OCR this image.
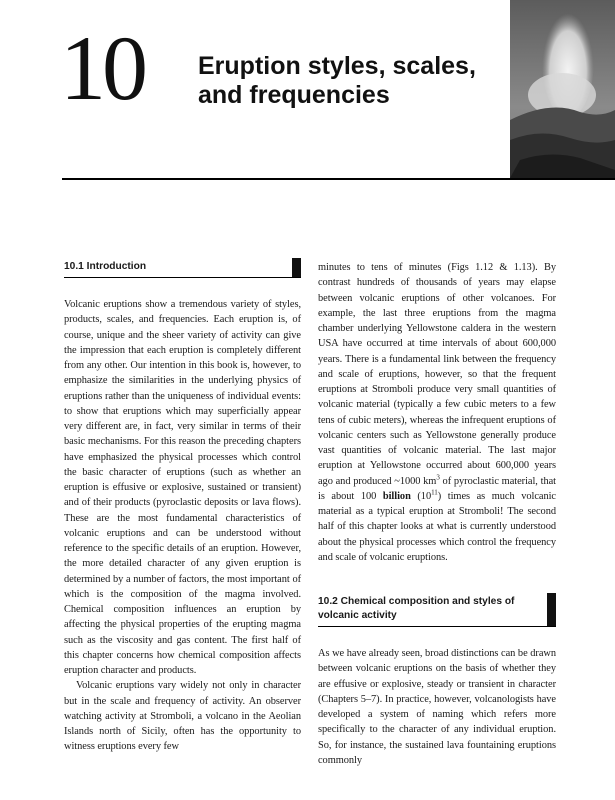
10 Eruption styles, scales,
and frequencies
10.1 Introduction

Volcanic eruptions show a tremendous variety of styles, products, scales, and frequencies. Each eruption is, of course, unique and the sheer variety of activity can give the impression that each eruption is completely different from any other. Our intention in this book is, however, to emphasize the similarities in the underlying physics of eruptions rather than the uniqueness of individual events: to show that eruptions which may superficially appear very different are, in fact, very similar in terms of their basic mechanisms. For this reason the preceding chapters have emphasized the physical processes which control the basic character of eruptions (such as whether an eruption is effusive or explosive, sustained or transient) and of their products (pyroclastic deposits or lava flows). These are the most fundamental characteristics of volcanic eruptions and can be understood without reference to the specific details of an eruption. However, the more detailed character of any given eruption is determined by a number of factors, the most important of which is the composition of the magma involved. Chemical composition influences an eruption by affecting the physical properties of the erupting magma such as the viscosity and gas content. The first half of this chapter concerns how chemical composition affects eruption character and products.

Volcanic eruptions vary widely not only in character but in the scale and frequency of activity. An observer watching activity at Stromboli, a volcano in the Aeolian Islands north of Sicily, often has the opportunity to witness eruptions every few

minutes to tens of minutes (Figs 1.12 & 1.13). By contrast hundreds of thousands of years may elapse between volcanic eruptions of other volcanoes. For example, the last three eruptions from the magma chamber underlying Yellowstone caldera in the western USA have occurred at time intervals of about 600,000 years. There is a fundamental link between the frequency and scale of eruptions, however, so that the frequent eruptions at Stromboli produce very small quantities of volcanic material (typically a few cubic meters to a few tens of cubic meters), whereas the infrequent eruptions of volcanic centers such as Yellowstone generally produce vast quantities of volcanic material. The last major eruption at Yellowstone occurred about 600,000 years ago and produced ~1000 $km^3$ of pyroclastic material, that is about 100 billion $(10^{11})$ times as much volcanic material as a typical eruption at Stromboli! The second half of this chapter looks at what is currently understood about the physical processes which control the frequency and scale of volcanic eruptions.

10.2 Chemical composition and styles of volcanic activity

As we have already seen, broad distinctions can be drawn between volcanic eruptions on the basis of whether they are effusive or explosive, steady or transient in character (Chapters 5–7). In practice, however, volcanologists have developed a system of naming which refers more specifically to the character of any individual eruption. So, for instance, the sustained lava fountaining eruptions commonly
